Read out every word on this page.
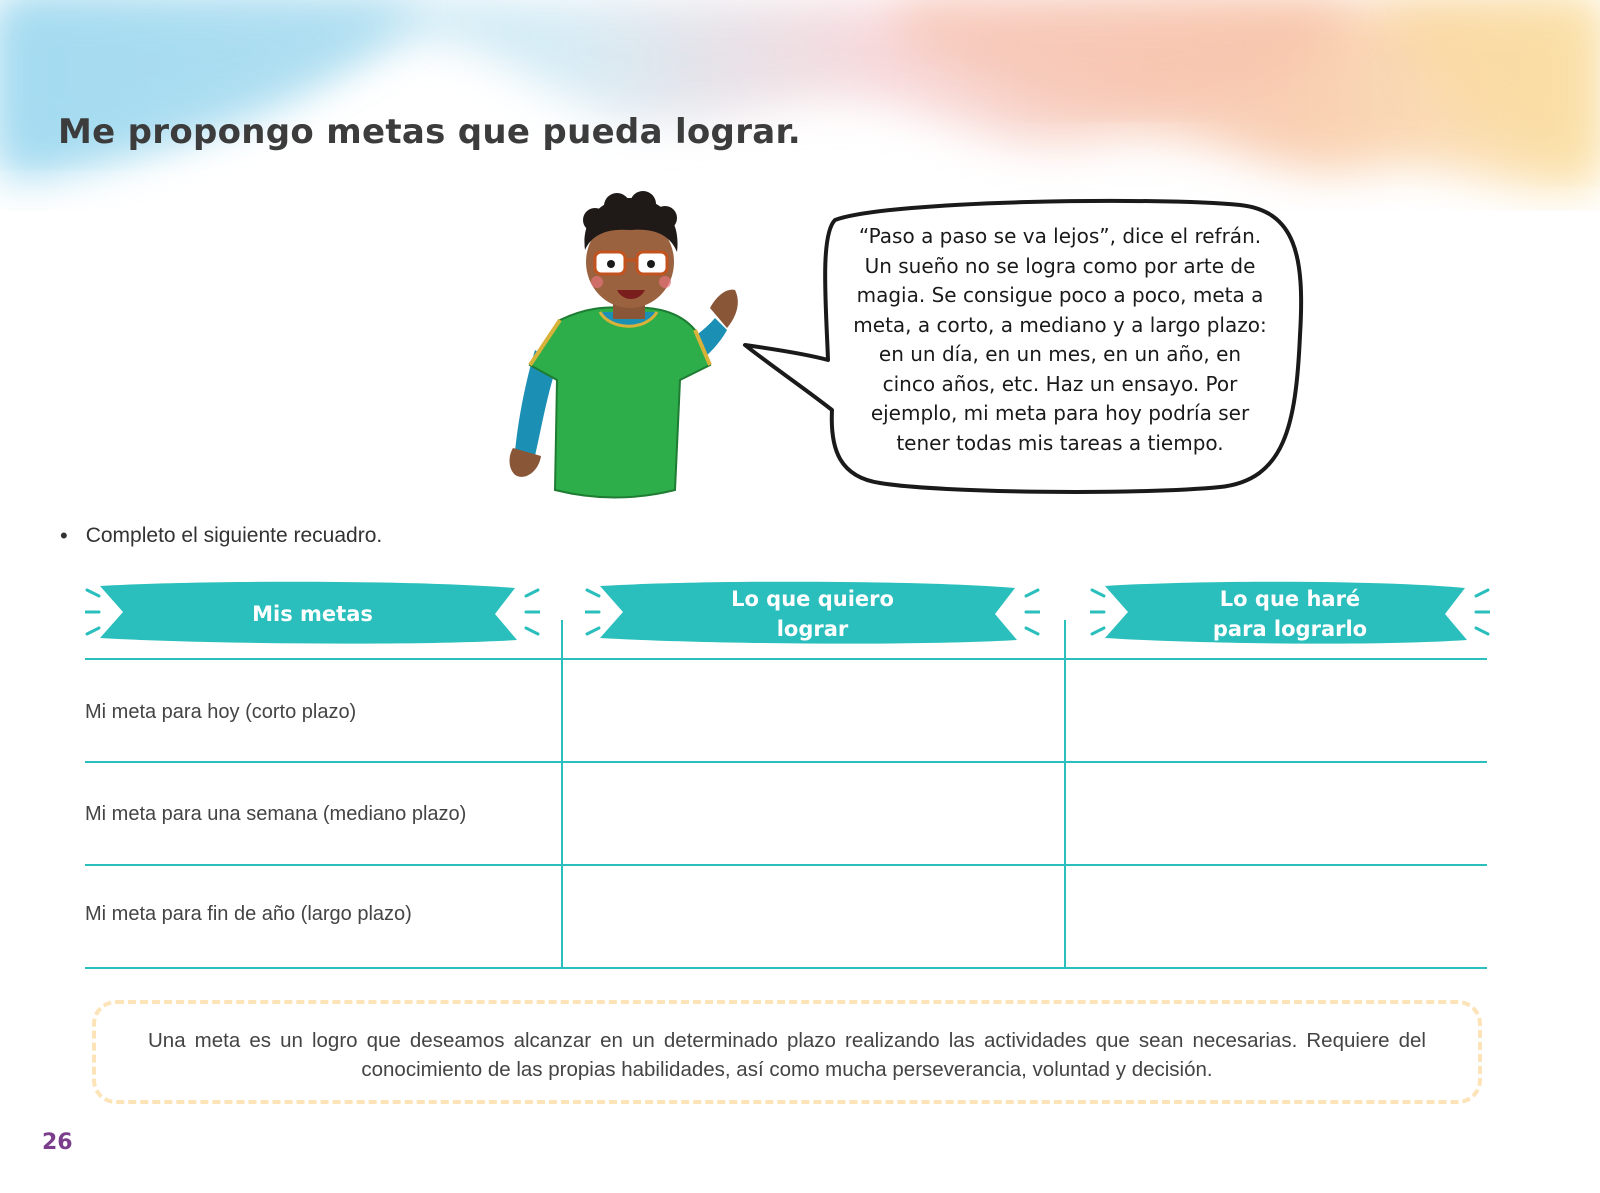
Me propongo metas que pueda lograr.
“Paso a paso se va lejos”, dice el refrán. Un sueño no se logra como por arte de magia. Se consigue poco a poco, meta a meta, a corto, a mediano y a largo plazo: en un día, en un mes, en un año, en cinco años, etc. Haz un ensayo. Por ejemplo, mi meta para hoy podría ser tener todas mis tareas a tiempo.
• Completo el siguiente recuadro.
Mis metas
Lo que quiero lograr
Lo que haré para lograrlo
Mi meta para hoy (corto plazo)
Mi meta para una semana (mediano plazo)
Mi meta para fin de año (largo plazo)
Una meta es un logro que deseamos alcanzar en un determinado plazo realizando las actividades que sean necesarias. Requiere del conocimiento de las propias habilidades, así como mucha perseverancia, voluntad y decisión.
26
